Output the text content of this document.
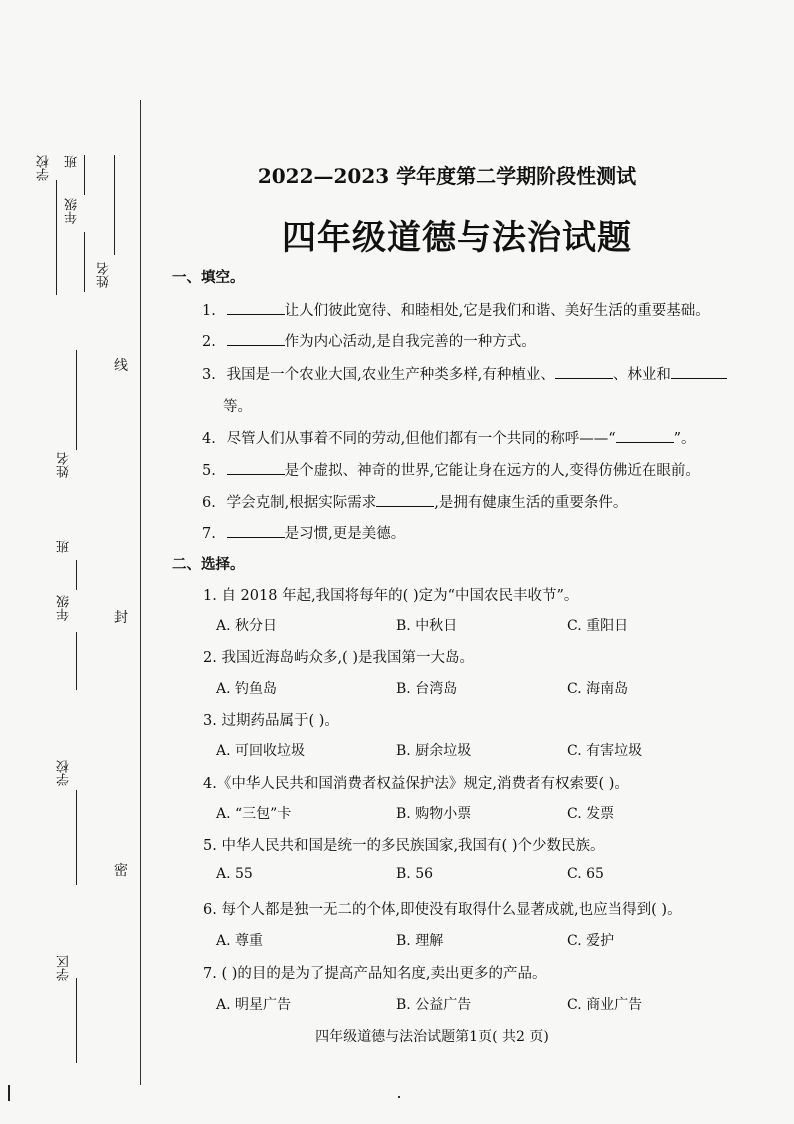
学校 班
年级
姓名
线
封
密
姓名
班
年级
学校
学区
2022—2023 学年度第二学期阶段性测试
四年级道德与法治试题
一、填空。
1.	让人们彼此宽待、和睦相处,它是我们和谐、美好生活的重要基础。
2.	作为内心活动,是自我完善的一种方式。
3. 我国是一个农业大国,农业生产种类多样,有种植业、	、林业和
等。
4. 尽管人们从事着不同的劳动,但他们都有一个共同的称呼——“	”。
5.	是个虚拟、神奇的世界,它能让身在远方的人,变得仿佛近在眼前。
6. 学会克制,根据实际需求	,是拥有健康生活的重要条件。
7.	是习惯,更是美德。
二、选择。
1. 自 2018 年起,我国将每年的( )定为“中国农民丰收节”。
A. 秋分日	B. 中秋日	C. 重阳日
2. 我国近海岛屿众多,( )是我国第一大岛。
A. 钓鱼岛	B. 台湾岛	C. 海南岛
3. 过期药品属于( )。
A. 可回收垃圾	B. 厨余垃圾	C. 有害垃圾
4.《中华人民共和国消费者权益保护法》规定,消费者有权索要( )。
A. “三包”卡	B. 购物小票	C. 发票
5. 中华人民共和国是统一的多民族国家,我国有( )个少数民族。
A. 55	B. 56	C. 65
6. 每个人都是独一无二的个体,即使没有取得什么显著成就,也应当得到( )。
A. 尊重	B. 理解	C. 爱护
7. ( )的目的是为了提高产品知名度,卖出更多的产品。
A. 明星广告	B. 公益广告	C. 商业广告
四年级道德与法治试题第1页( 共2 页)
